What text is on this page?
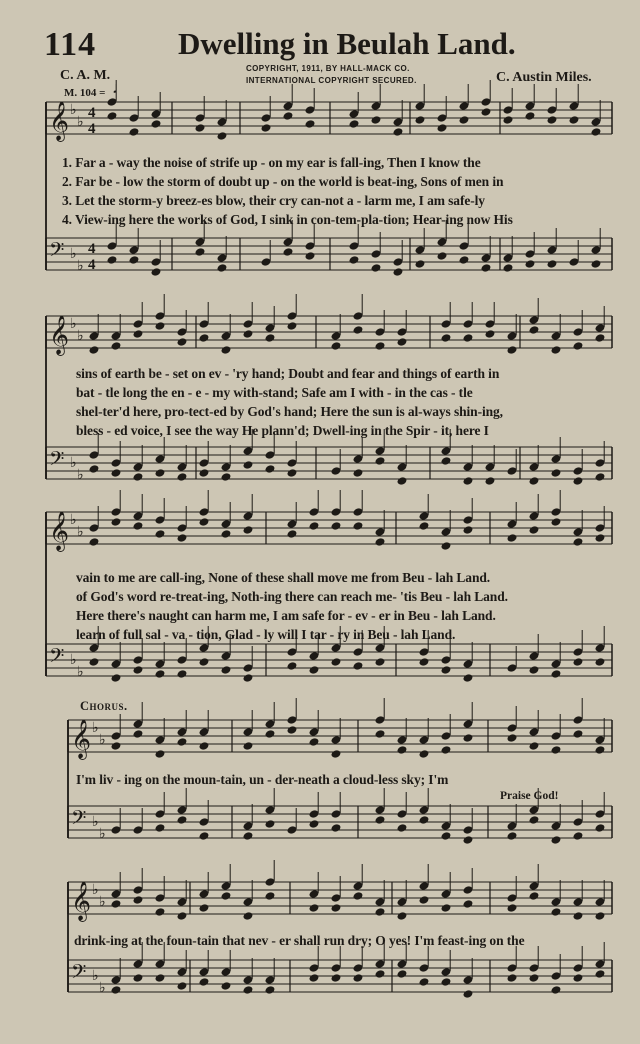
114	Dwelling in Beulah Land.
COPYRIGHT, 1911, BY HALL-MACK CO.
INTERNATIONAL COPYRIGHT SECURED.
C. A. M.	C. Austin Miles.
M. 104 = ♩
𝄞 ♭
♭
4
4
𝄢 ♭
♭
4
4
𝄞 ♭
♭
𝄢 ♭
♭
𝄞 ♭
♭
𝄢 ♭
♭
𝄞 ♭
♭
𝄢 ♭
♭
𝄞 ♭
♭
𝄢 ♭
♭
1. Far a - way the noise of strife up - on my ear is fall-ing, Then I know the
2. Far be - low the storm of doubt up - on the world is beat-ing, Sons of men in
3. Let the storm-y breez-es blow, their cry can-not a - larm me, I am safe-ly
4. View-ing here the works of God, I sink in con-tem-pla-tion; Hear-ing now His
sins of earth be - set on ev - 'ry hand; Doubt and fear and things of earth in
bat - tle long the en - e - my with-stand; Safe am I with - in the cas - tle
shel-ter'd here, pro-tect-ed by God's hand; Here the sun is al-ways shin-ing,
bless - ed voice, I see the way He plann'd; Dwell-ing in the Spir - it, here I
vain to me are call-ing, None of these shall move me from Beu - lah Land.
of God's word re-treat-ing, Noth-ing there can reach me- 'tis Beu - lah Land.
Here there's naught can harm me, I am safe for - ev - er in Beu - lah Land.
learn of full sal - va - tion, Glad - ly will I tar - ry in Beu - lah Land.
Chorus.
I'm liv - ing on the moun-tain, un - der-neath a cloud-less sky; I'm
Praise God!
drink-ing at the foun-tain that nev - er shall run dry; O yes! I'm feast-ing on the
